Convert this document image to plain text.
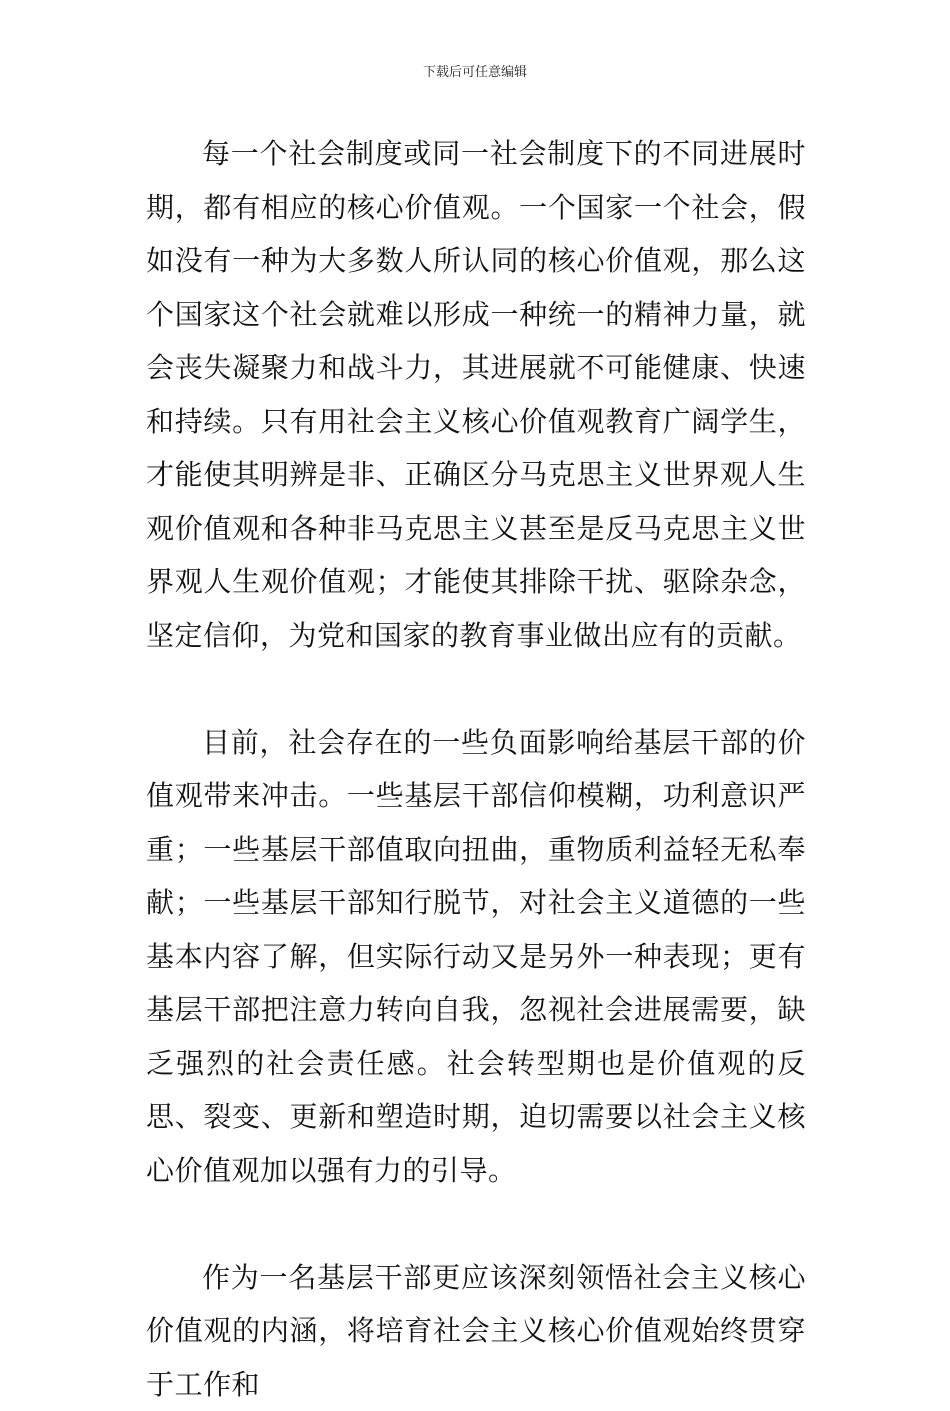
下载后可任意编辑

每一个社会制度或同一社会制度下的不同进展时期，都有相应的核心价值观。一个国家一个社会，假如没有一种为大多数人所认同的核心价值观，那么这个国家这个社会就难以形成一种统一的精神力量，就会丧失凝聚力和战斗力，其进展就不可能健康、快速和持续。只有用社会主义核心价值观教育广阔学生，才能使其明辨是非、正确区分马克思主义世界观人生观价值观和各种非马克思主义甚至是反马克思主义世界观人生观价值观；才能使其排除干扰、驱除杂念，坚定信仰，为党和国家的教育事业做出应有的贡献。

目前，社会存在的一些负面影响给基层干部的价值观带来冲击。一些基层干部信仰模糊，功利意识严重；一些基层干部值取向扭曲，重物质利益轻无私奉献；一些基层干部知行脱节，对社会主义道德的一些基本内容了解，但实际行动又是另外一种表现；更有基层干部把注意力转向自我，忽视社会进展需要，缺乏强烈的社会责任感。社会转型期也是价值观的反思、裂变、更新和塑造时期，迫切需要以社会主义核心价值观加以强有力的引导。

作为一名基层干部更应该深刻领悟社会主义核心价值观的内涵，将培育社会主义核心价值观始终贯穿于工作和
